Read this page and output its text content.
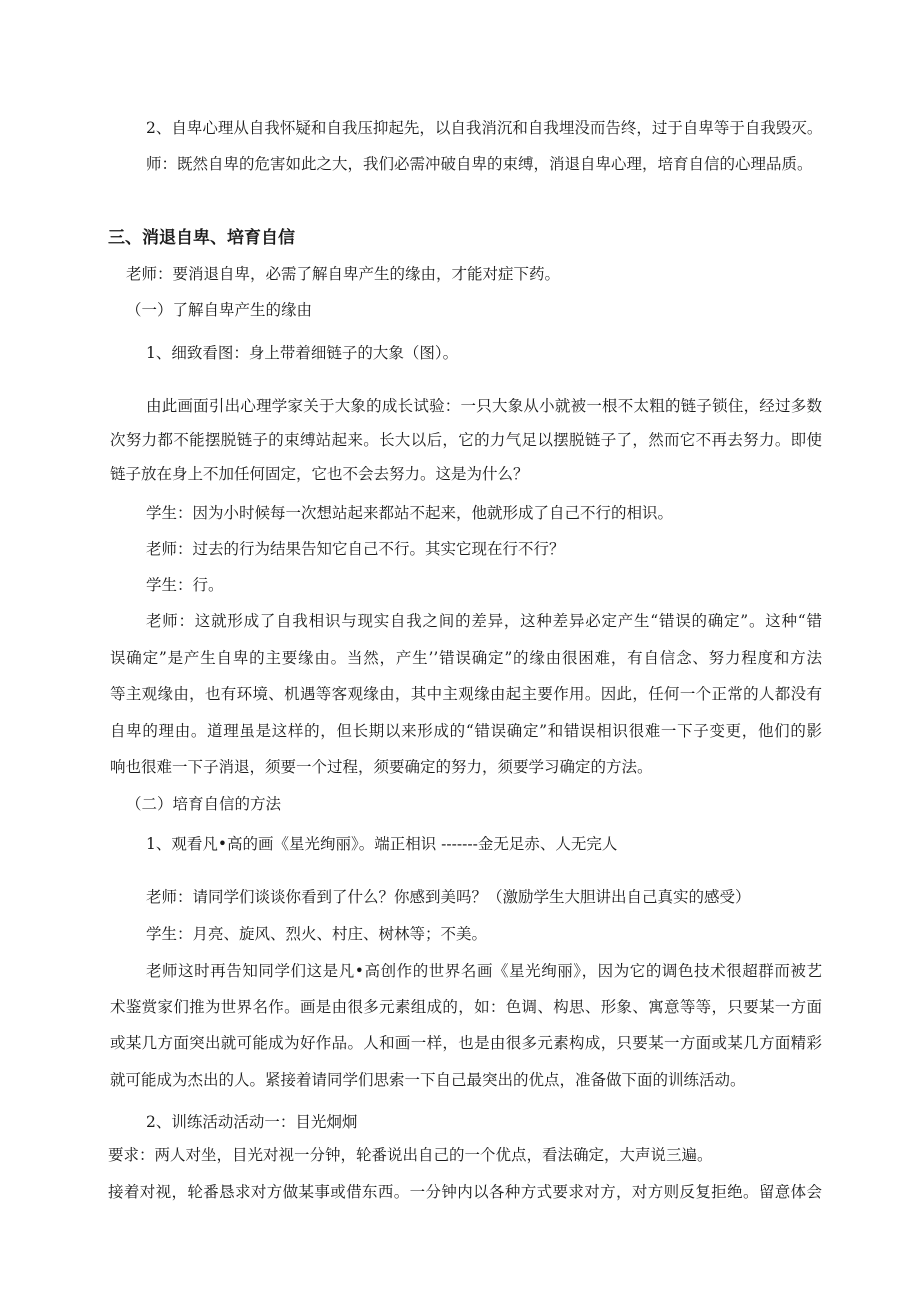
2、自卑心理从自我怀疑和自我压抑起先，以自我消沉和自我埋没而告终，过于自卑等于自我毁灭。
师：既然自卑的危害如此之大，我们必需冲破自卑的束缚，消退自卑心理，培育自信的心理品质。
三、消退自卑、培育自信
老师：要消退自卑，必需了解自卑产生的缘由，才能对症下药。
（一）了解自卑产生的缘由
1、细致看图：身上带着细链子的大象（图）。
由此画面引出心理学家关于大象的成长试验：一只大象从小就被一根不太粗的链子锁住，经过多数
次努力都不能摆脱链子的束缚站起来。长大以后，它的力气足以摆脱链子了，然而它不再去努力。即使
链子放在身上不加任何固定，它也不会去努力。这是为什么？
学生：因为小时候每一次想站起来都站不起来，他就形成了自己不行的相识。
老师：过去的行为结果告知它自己不行。其实它现在行不行？
学生：行。
老师：这就形成了自我相识与现实自我之间的差异，这种差异必定产生“错误的确定”。这种“错
误确定”是产生自卑的主要缘由。当然，产生’’错误确定”的缘由很困难，有自信念、努力程度和方法
等主观缘由，也有环境、机遇等客观缘由，其中主观缘由起主要作用。因此，任何一个正常的人都没有
自卑的理由。道理虽是这样的，但长期以来形成的“错误确定”和错误相识很难一下子变更，他们的影
响也很难一下子消退，须要一个过程，须要确定的努力，须要学习确定的方法。
（二）培育自信的方法
1、观看凡•高的画《星光绚丽》。端正相识 -------金无足赤、人无完人
老师：请同学们谈谈你看到了什么？你感到美吗？（激励学生大胆讲出自己真实的感受）
学生：月亮、旋风、烈火、村庄、树林等；不美。
老师这时再告知同学们这是凡•高创作的世界名画《星光绚丽》，因为它的调色技术很超群而被艺
术鉴赏家们推为世界名作。画是由很多元素组成的，如：色调、构思、形象、寓意等等，只要某一方面
或某几方面突出就可能成为好作品。人和画一样，也是由很多元素构成，只要某一方面或某几方面精彩
就可能成为杰出的人。紧接着请同学们思索一下自己最突出的优点，准备做下面的训练活动。
2、训练活动活动一：目光炯炯
要求：两人对坐，目光对视一分钟，轮番说出自己的一个优点，看法确定，大声说三遍。
接着对视，轮番恳求对方做某事或借东西。一分钟内以各种方式要求对方，对方则反复拒绝。留意体会
